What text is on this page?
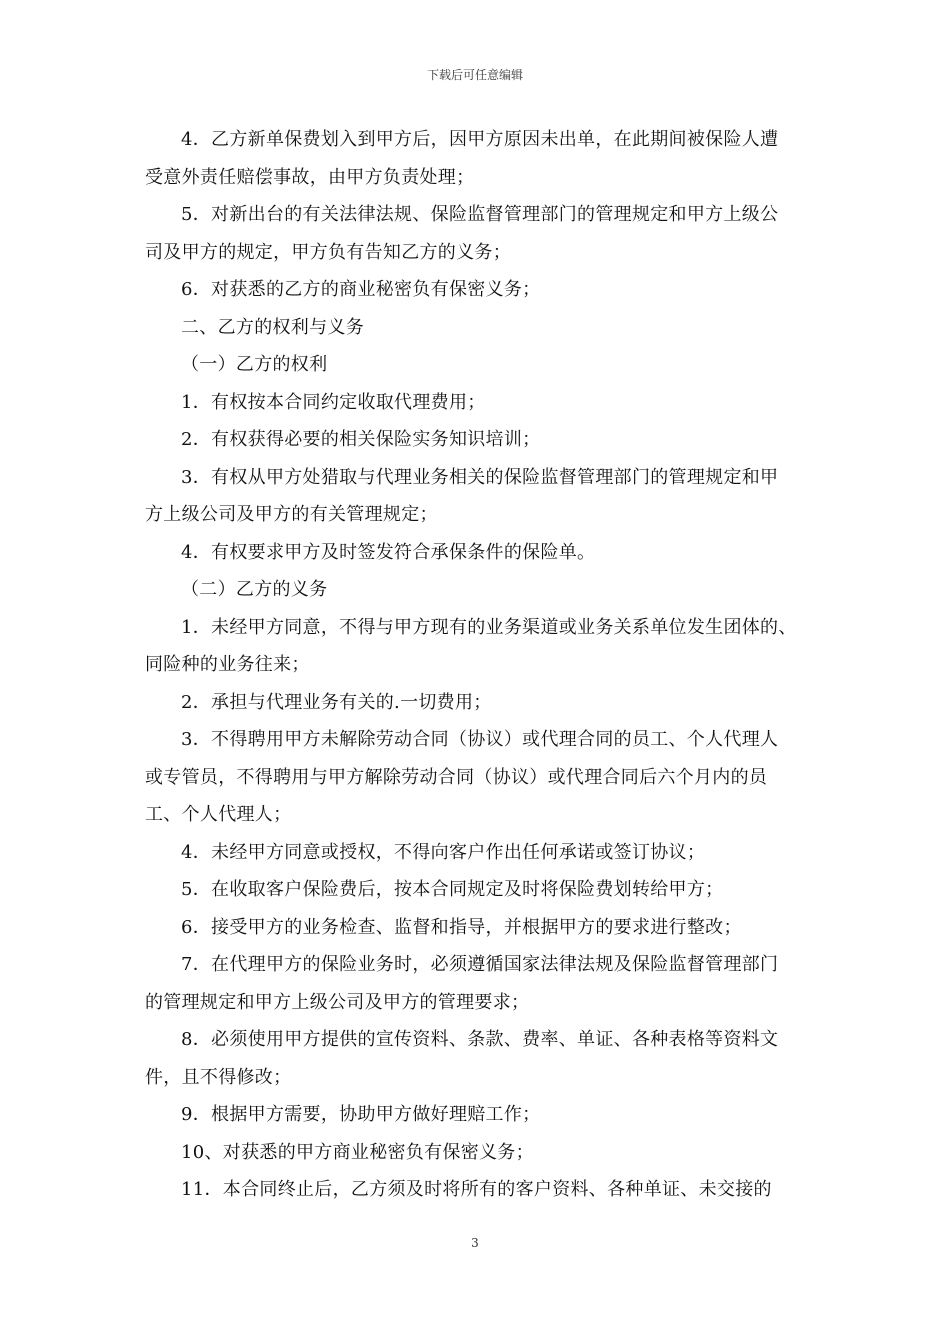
下载后可任意编辑
4．乙方新单保费划入到甲方后，因甲方原因未出单，在此期间被保险人遭
受意外责任赔偿事故，由甲方负责处理；
5．对新出台的有关法律法规、保险监督管理部门的管理规定和甲方上级公
司及甲方的规定，甲方负有告知乙方的义务；
6．对获悉的乙方的商业秘密负有保密义务；
二、乙方的权利与义务
（一）乙方的权利
1．有权按本合同约定收取代理费用；
2．有权获得必要的相关保险实务知识培训；
3．有权从甲方处猎取与代理业务相关的保险监督管理部门的管理规定和甲
方上级公司及甲方的有关管理规定；
4．有权要求甲方及时签发符合承保条件的保险单。
（二）乙方的义务
1．未经甲方同意，不得与甲方现有的业务渠道或业务关系单位发生团体的、
同险种的业务往来；
2．承担与代理业务有关的.一切费用；
3．不得聘用甲方未解除劳动合同（协议）或代理合同的员工、个人代理人
或专管员，不得聘用与甲方解除劳动合同（协议）或代理合同后六个月内的员
工、个人代理人；
4．未经甲方同意或授权，不得向客户作出任何承诺或签订协议；
5．在收取客户保险费后，按本合同规定及时将保险费划转给甲方；
6．接受甲方的业务检查、监督和指导，并根据甲方的要求进行整改；
7．在代理甲方的保险业务时，必须遵循国家法律法规及保险监督管理部门
的管理规定和甲方上级公司及甲方的管理要求；
8．必须使用甲方提供的宣传资料、条款、费率、单证、各种表格等资料文
件，且不得修改；
9．根据甲方需要，协助甲方做好理赔工作；
10、对获悉的甲方商业秘密负有保密义务；
11．本合同终止后，乙方须及时将所有的客户资料、各种单证、未交接的
3
